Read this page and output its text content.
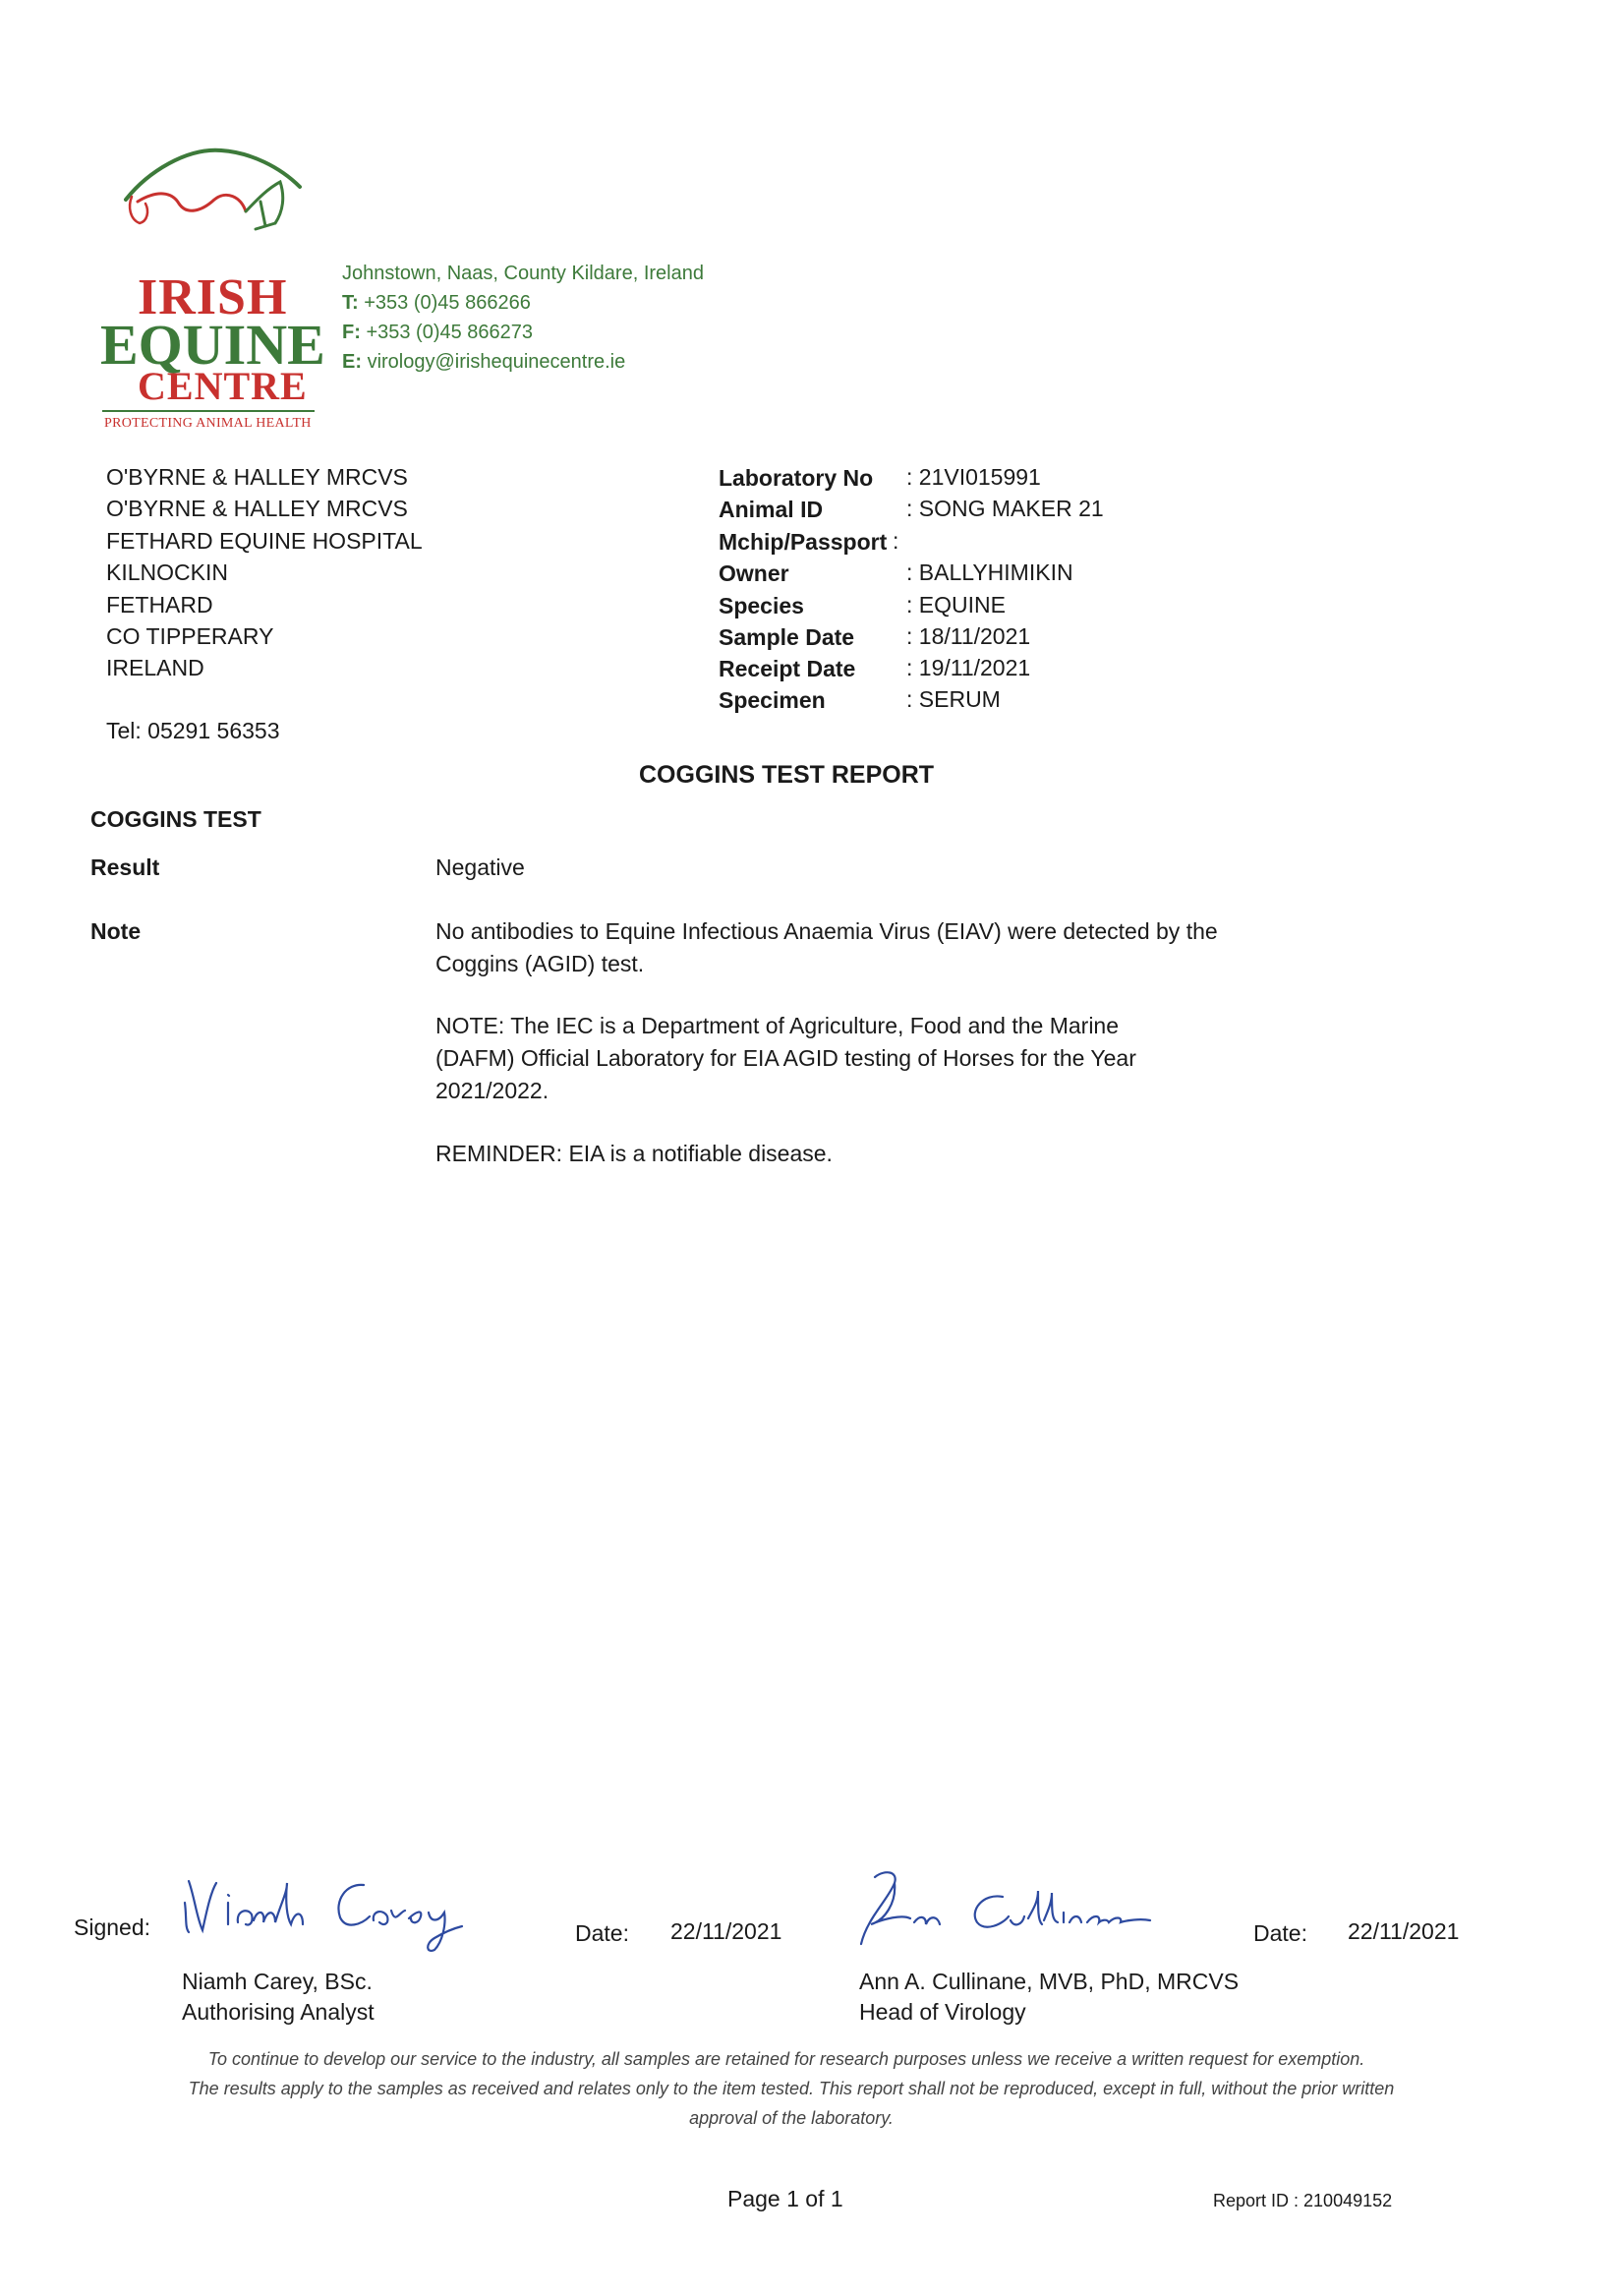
IRISH
EQUINE
CENTRE
PROTECTING ANIMAL HEALTH
Johnstown, Naas, County Kildare, Ireland
T: +353 (0)45 866266
F: +353 (0)45 866273
E: virology@irishequinecentre.ie
O'BYRNE & HALLEY MRCVS
O'BYRNE & HALLEY MRCVS
FETHARD EQUINE HOSPITAL
KILNOCKIN
FETHARD
CO TIPPERARY
IRELAND
Tel: 05291 56353
Laboratory No : 21VI015991
Animal ID	: SONG MAKER 21
Mchip/Passport :
Owner	: BALLYHIMIKIN
Species	: EQUINE
Sample Date : 18/11/2021
Receipt Date : 19/11/2021
Specimen	: SERUM
COGGINS TEST REPORT
COGGINS TEST
Result	Negative
Note	No antibodies to Equine Infectious Anaemia Virus (EIAV) were detected by the Coggins (AGID) test.
NOTE: The IEC is a Department of Agriculture, Food and the Marine (DAFM) Official Laboratory for EIA AGID testing of Horses for the Year 2021/2022.
REMINDER: EIA is a notifiable disease.
Signed:	Date: 22/11/2021	Date: 22/11/2021
Niamh Carey, BSc.
Authorising Analyst
Ann A. Cullinane, MVB, PhD, MRCVS
Head of Virology
To continue to develop our service to the industry, all samples are retained for research purposes unless we receive a written request for exemption.
The results apply to the samples as received and relates only to the item tested. This report shall not be reproduced, except in full, without the prior written approval of the laboratory.
Page 1 of 1	Report ID : 210049152
